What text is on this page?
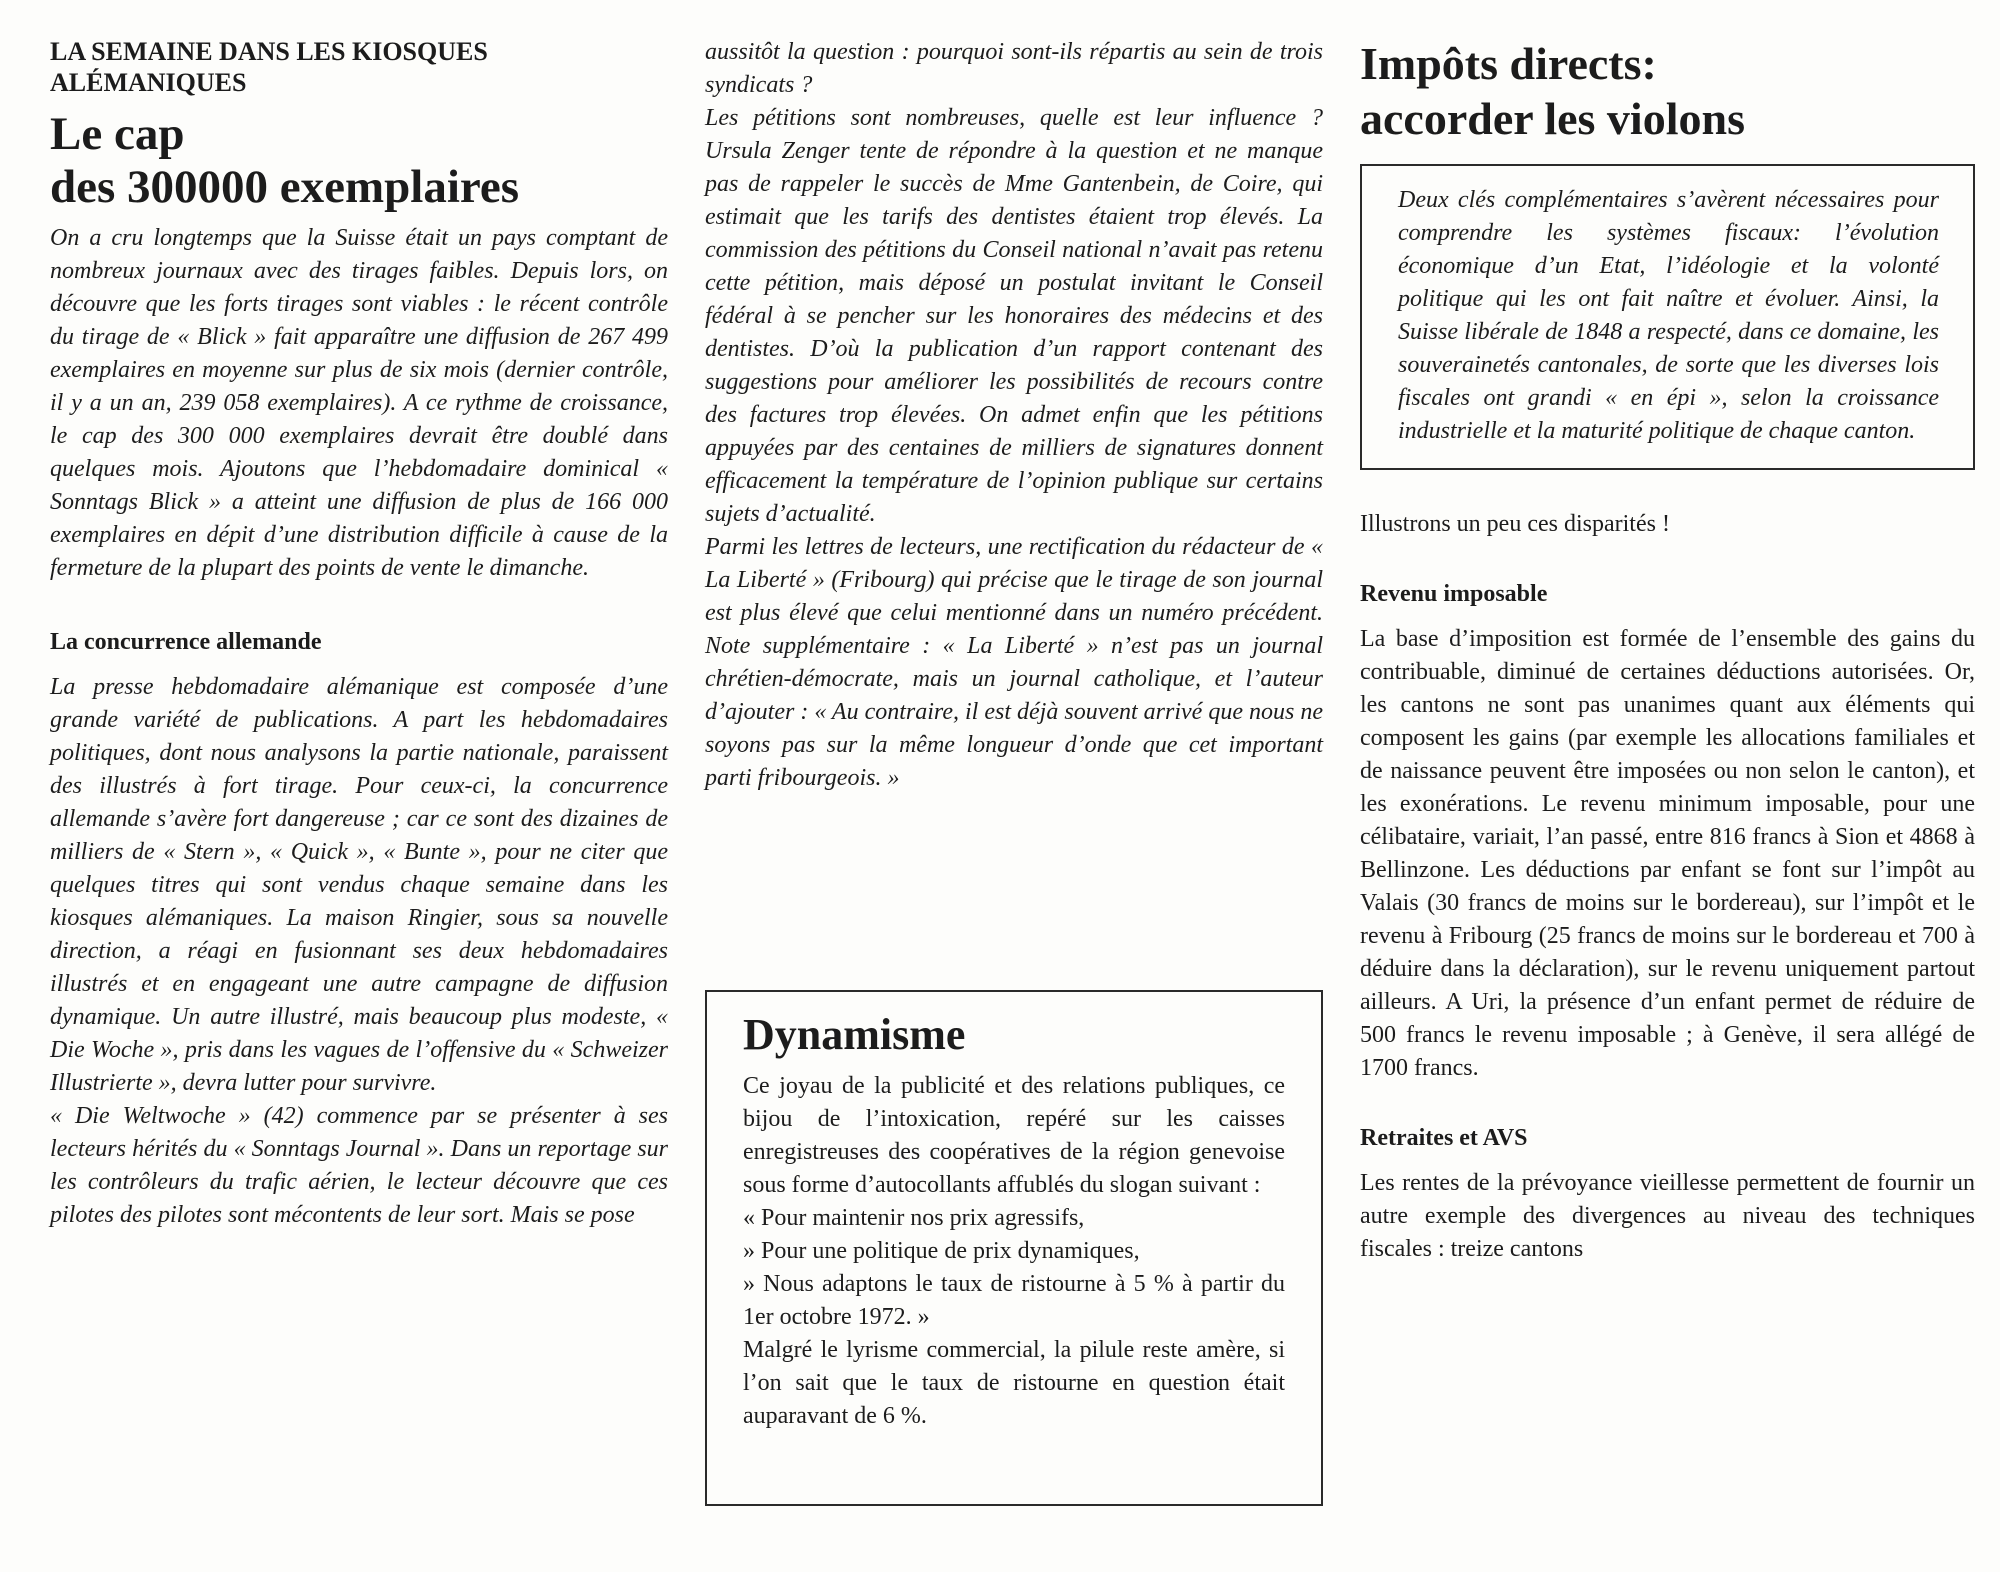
LA SEMAINE DANS LES KIOSQUES ALÉMANIQUES
Le cap
des 300000 exemplaires

On a cru longtemps que la Suisse était un pays comptant de nombreux journaux avec des tirages faibles. Depuis lors, on découvre que les forts tirages sont viables : le récent contrôle du tirage de « Blick » fait apparaître une diffusion de 267 499 exemplaires en moyenne sur plus de six mois (dernier contrôle, il y a un an, 239 058 exemplaires). A ce rythme de croissance, le cap des 300 000 exemplaires devrait être doublé dans quelques mois. Ajoutons que l’hebdomadaire dominical « Sonntags Blick » a atteint une diffusion de plus de 166 000 exemplaires en dépit d’une distribution difficile à cause de la fermeture de la plupart des points de vente le dimanche.

La concurrence allemande

La presse hebdomadaire alémanique est composée d’une grande variété de publications. A part les hebdomadaires politiques, dont nous analysons la partie nationale, paraissent des illustrés à fort tirage. Pour ceux-ci, la concurrence allemande s’avère fort dangereuse ; car ce sont des dizaines de milliers de « Stern », « Quick », « Bunte », pour ne citer que quelques titres qui sont vendus chaque semaine dans les kiosques alémaniques. La maison Ringier, sous sa nouvelle direction, a réagi en fusionnant ses deux hebdomadaires illustrés et en engageant une autre campagne de diffusion dynamique. Un autre illustré, mais beaucoup plus modeste, « Die Woche », pris dans les vagues de l’offensive du « Schweizer Illustrierte », devra lutter pour survivre.

« Die Weltwoche » (42) commence par se présenter à ses lecteurs hérités du « Sonntags Journal ». Dans un reportage sur les contrôleurs du trafic aérien, le lecteur découvre que ces pilotes des pilotes sont mécontents de leur sort. Mais se pose

aussitôt la question : pourquoi sont-ils répartis au sein de trois syndicats ?

Les pétitions sont nombreuses, quelle est leur influence ? Ursula Zenger tente de répondre à la question et ne manque pas de rappeler le succès de Mme Gantenbein, de Coire, qui estimait que les tarifs des dentistes étaient trop élevés. La commission des pétitions du Conseil national n’avait pas retenu cette pétition, mais déposé un postulat invitant le Conseil fédéral à se pencher sur les honoraires des médecins et des dentistes. D’où la publication d’un rapport contenant des suggestions pour améliorer les possibilités de recours contre des factures trop élevées. On admet enfin que les pétitions appuyées par des centaines de milliers de signatures donnent efficacement la température de l’opinion publique sur certains sujets d’actualité.

Parmi les lettres de lecteurs, une rectification du rédacteur de « La Liberté » (Fribourg) qui précise que le tirage de son journal est plus élevé que celui mentionné dans un numéro précédent. Note supplémentaire : « La Liberté » n’est pas un journal chrétien-démocrate, mais un journal catholique, et l’auteur d’ajouter : « Au contraire, il est déjà souvent arrivé que nous ne soyons pas sur la même longueur d’onde que cet important parti fribourgeois. »

Dynamisme

Ce joyau de la publicité et des relations publiques, ce bijou de l’intoxication, repéré sur les caisses enregistreuses des coopératives de la région genevoise sous forme d’autocollants affublés du slogan suivant :

« Pour maintenir nos prix agressifs,

» Pour une politique de prix dynamiques,

» Nous adaptons le taux de ristourne à 5 % à partir du 1er octobre 1972. »

Malgré le lyrisme commercial, la pilule reste amère, si l’on sait que le taux de ristourne en question était auparavant de 6 %.

Impôts directs:
accorder les violons

Deux clés complémentaires s’avèrent nécessaires pour comprendre les systèmes fiscaux: l’évolution économique d’un Etat, l’idéologie et la volonté politique qui les ont fait naître et évoluer. Ainsi, la Suisse libérale de 1848 a respecté, dans ce domaine, les souverainetés cantonales, de sorte que les diverses lois fiscales ont grandi « en épi », selon la croissance industrielle et la maturité politique de chaque canton.

Illustrons un peu ces disparités !

Revenu imposable

La base d’imposition est formée de l’ensemble des gains du contribuable, diminué de certaines déductions autorisées. Or, les cantons ne sont pas unanimes quant aux éléments qui composent les gains (par exemple les allocations familiales et de naissance peuvent être imposées ou non selon le canton), et les exonérations. Le revenu minimum imposable, pour une célibataire, variait, l’an passé, entre 816 francs à Sion et 4868 à Bellinzone. Les déductions par enfant se font sur l’impôt au Valais (30 francs de moins sur le bordereau), sur l’impôt et le revenu à Fribourg (25 francs de moins sur le bordereau et 700 à déduire dans la déclaration), sur le revenu uniquement partout ailleurs. A Uri, la présence d’un enfant permet de réduire de 500 francs le revenu imposable ; à Genève, il sera allégé de 1700 francs.

Retraites et AVS

Les rentes de la prévoyance vieillesse permettent de fournir un autre exemple des divergences au niveau des techniques fiscales : treize cantons
